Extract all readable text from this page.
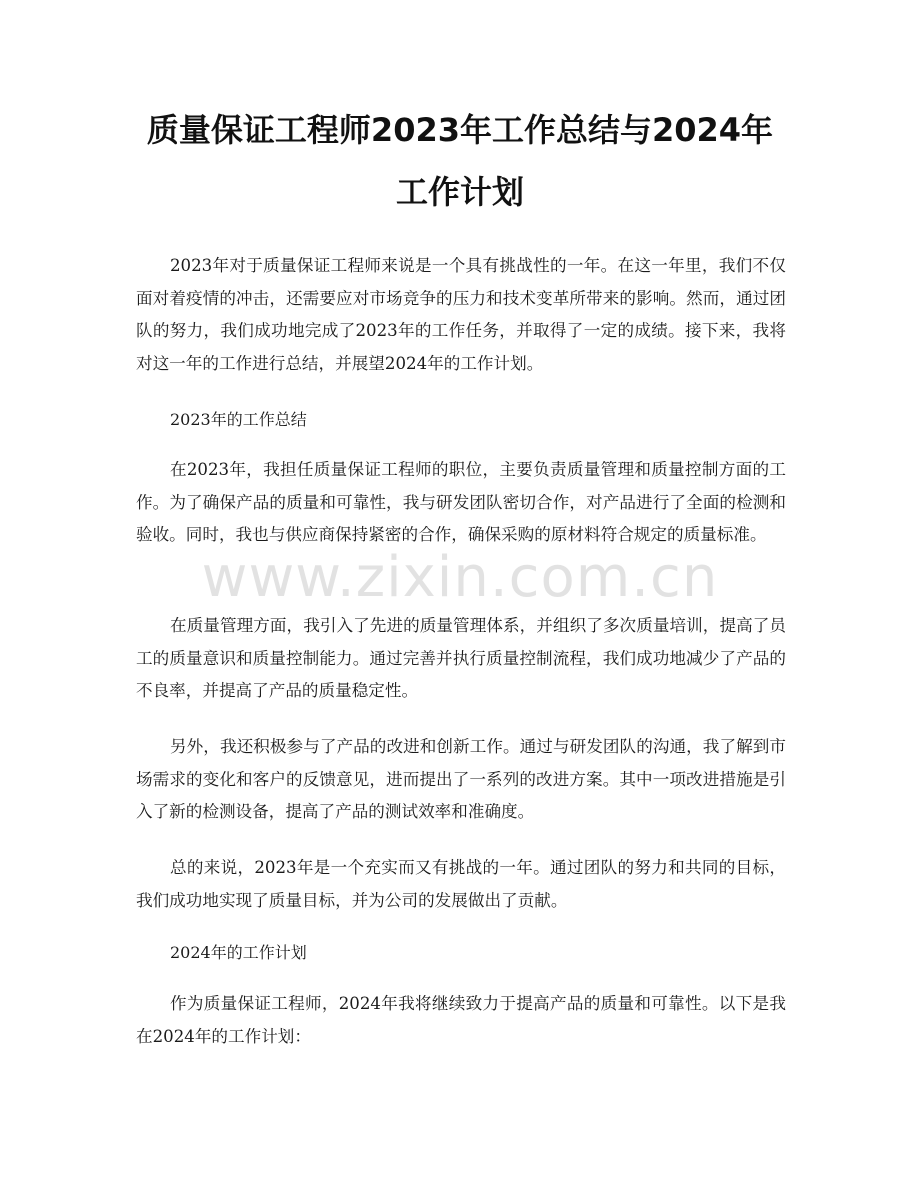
质量保证工程师2023年工作总结与2024年
工作计划

2023年对于质量保证工程师来说是一个具有挑战性的一年。在这一年里，我们不仅面对着疫情的冲击，还需要应对市场竞争的压力和技术变革所带来的影响。然而，通过团队的努力，我们成功地完成了2023年的工作任务，并取得了一定的成绩。接下来，我将对这一年的工作进行总结，并展望2024年的工作计划。

2023年的工作总结

在2023年，我担任质量保证工程师的职位，主要负责质量管理和质量控制方面的工作。为了确保产品的质量和可靠性，我与研发团队密切合作，对产品进行了全面的检测和验收。同时，我也与供应商保持紧密的合作，确保采购的原材料符合规定的质量标准。

在质量管理方面，我引入了先进的质量管理体系，并组织了多次质量培训，提高了员工的质量意识和质量控制能力。通过完善并执行质量控制流程，我们成功地减少了产品的不良率，并提高了产品的质量稳定性。

另外，我还积极参与了产品的改进和创新工作。通过与研发团队的沟通，我了解到市场需求的变化和客户的反馈意见，进而提出了一系列的改进方案。其中一项改进措施是引入了新的检测设备，提高了产品的测试效率和准确度。

总的来说，2023年是一个充实而又有挑战的一年。通过团队的努力和共同的目标，我们成功地实现了质量目标，并为公司的发展做出了贡献。

2024年的工作计划

作为质量保证工程师，2024年我将继续致力于提高产品的质量和可靠性。以下是我在2024年的工作计划：

www.zixin.com.cn
